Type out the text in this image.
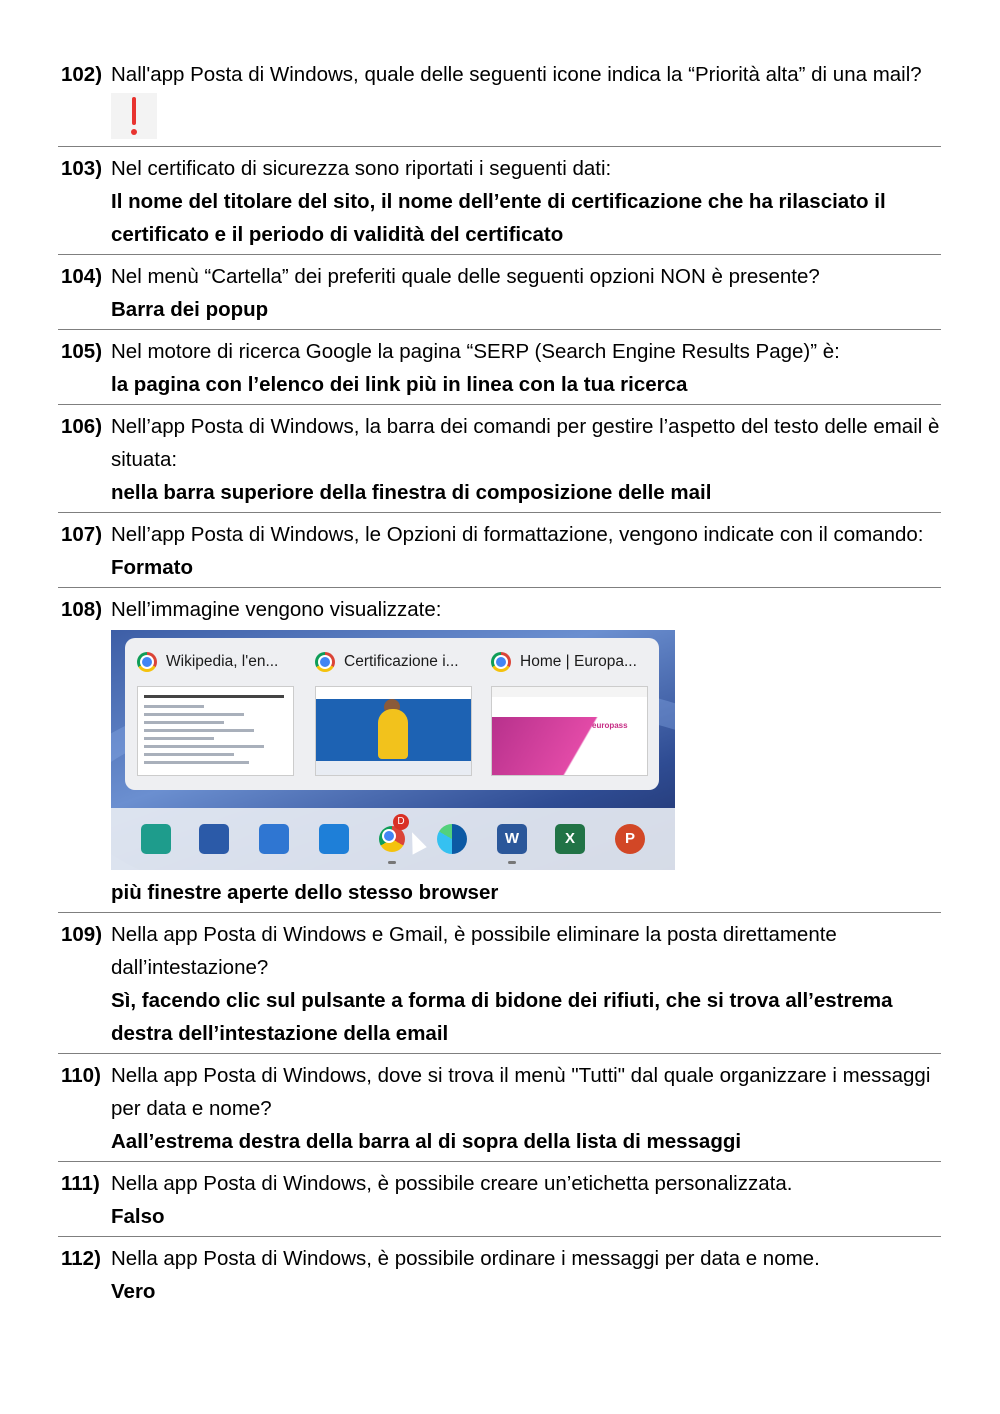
102) Nall'app Posta di Windows, quale delle seguenti icone indica la “Priorità alta” di una mail?
103) Nel certificato di sicurezza sono riportati i seguenti dati:
Il nome del titolare del sito, il nome dell’ente di certificazione che ha rilasciato il certificato e il periodo di validità del certificato
104) Nel menù “Cartella” dei preferiti quale delle seguenti opzioni NON è presente?
Barra dei popup
105) Nel motore di ricerca Google la pagina “SERP (Search Engine Results Page)” è:
la pagina con l’elenco dei link più in linea con la tua ricerca
106) Nell’app Posta di Windows, la barra dei comandi per gestire l’aspetto del testo delle email è situata:
nella barra superiore della finestra di composizione delle mail
107) Nell’app Posta di Windows, le Opzioni di formattazione, vengono indicate con il comando:
Formato
108) Nell’immagine vengono visualizzate:
Wikipedia, l'en...	Certificazione i...	Home | Europa...
europass
D
W	X	P
più finestre aperte dello stesso browser
109) Nella app Posta di Windows e Gmail, è possibile eliminare la posta direttamente dall’intestazione?
Sì, facendo clic sul pulsante a forma di bidone dei rifiuti, che si trova all’estrema destra dell’intestazione della email
110) Nella app Posta di Windows, dove si trova il menù "Tutti" dal quale organizzare i messaggi per data e nome?
Aall’estrema destra della barra al di sopra della lista di messaggi
111) Nella app Posta di Windows, è possibile creare un’etichetta personalizzata.
Falso
112) Nella app Posta di Windows, è possibile ordinare i messaggi per data e nome.
Vero
